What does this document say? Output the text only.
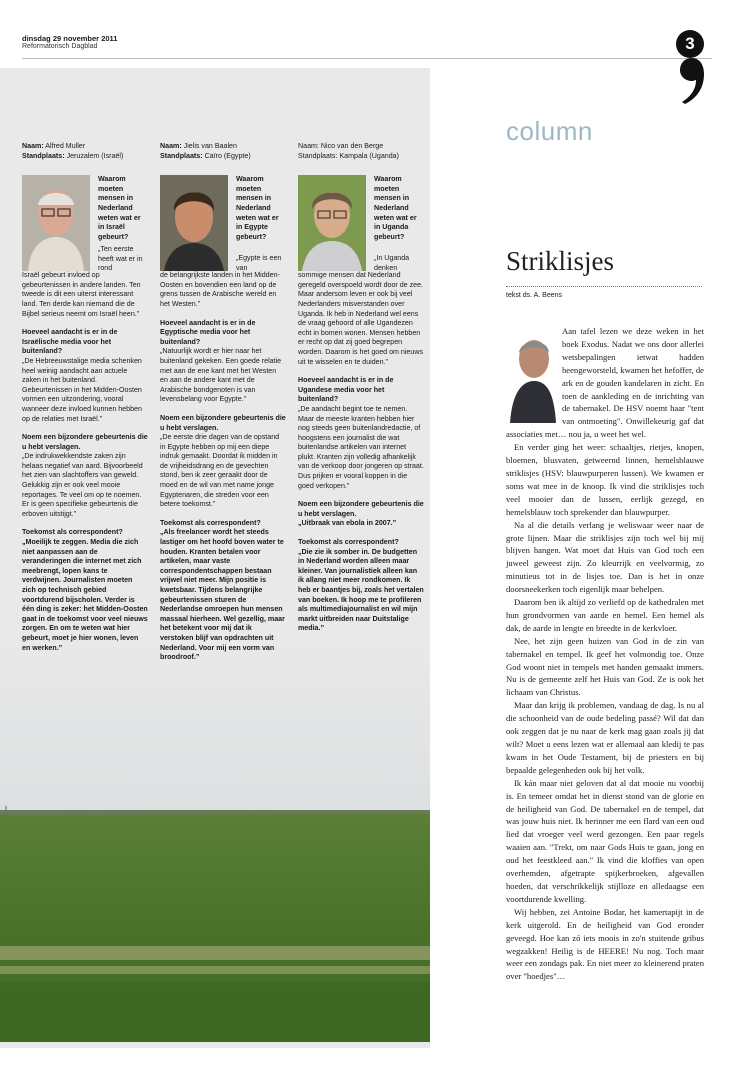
dinsdag 29 november 2011
Reformatorisch Dagblad	3
Naam: Alfred Muller
Standplaats: Jeruzalem (Israël)
Waarom moeten mensen in Nederland weten wat er in Israël gebeurt?
„Ten eerste heeft wat er in rond

Israël gebeurt invloed op gebeurtenissen in andere landen. Ten tweede is dit een uiterst interessant land. Ten derde kan niemand die de Bijbel serieus neemt om Israël heen.”

Hoeveel aandacht is er in de Israëlische media voor het buitenland?

„De Hebreeuwstalige media schenken heel weinig aandacht aan actuele zaken in het buitenland. Gebeurtenissen in het Midden-Oosten vormen een uitzondering, vooral wanneer deze invloed kunnen hebben op de relaties met Israël.”

Noem een bijzondere gebeurtenis die u hebt verslagen.

„De indrukwekkendste zaken zijn helaas negatief van aard. Bijvoorbeeld het zien van slachtoffers van geweld. Gelukkig zijn er ook veel mooie reportages. Te veel om op te noemen. Er is geen specifieke gebeurtenis die erboven uitstijgt.”

Toekomst als correspondent?

„Moeilijk te zeggen. Media die zich niet aanpassen aan de veranderingen die internet met zich meebrengt, lopen kans te verdwijnen. Journalisten moeten zich op technisch gebied voortdurend bijscholen. Verder is één ding is zeker: het Midden-Oosten gaat in de toekomst voor veel nieuws zorgen. En om te weten wat hier gebeurt, moet je hier wonen, leven en werken.”

Naam: Jielis van Baalen
Standplaats: Caïro (Egypte)
Waarom moeten mensen in Nederland weten wat er in Egypte gebeurt?
„Egypte is een van

de belangrijkste landen in het Midden-Oosten en bovendien een land op de grens tussen de Arabische wereld en het Westen.”

Hoeveel aandacht is er in de Egyptische media voor het buitenland?

„Natuurlijk wordt er hier naar het buitenland gekeken. Een goede relatie met aan de ene kant met het Westen en aan de andere kant met de Arabische bondgenoten is van levensbelang voor Egypte.”

Noem een bijzondere gebeurtenis die u hebt verslagen.

„De eerste drie dagen van de opstand in Egypte hebben op mij een diepe indruk gemaakt. Doordat ik midden in de vrijheidsdrang en de gevechten stond, ben ik zeer geraakt door de moed en de wil van met name jonge Egyptenaren, die streden voor een betere toekomst.”

Toekomst als correspondent?

„Als freelancer wordt het steeds lastiger om het hoofd boven water te houden. Kranten betalen voor artikelen, maar vaste correspondentschappen bestaan vrijwel niet meer. Mijn positie is kwetsbaar. Tijdens belangrijke gebeurtenissen sturen de Nederlandse omroepen hun mensen massaal hierheen. Wel gezellig, maar het betekent voor mij dat ik verstoken blijf van opdrachten uit Nederland. Voor mij een vorm van broodroof.”

Naam: Nico van den Berge
Standplaats: Kampala (Uganda)
Waarom moeten mensen in Nederland weten wat er in Uganda gebeurt?
„In Uganda denken

sommige mensen dat Nederland geregeld overspoeld wordt door de zee. Maar andersom leven er ook bij veel Nederlanders misverstanden over Uganda. Ik heb in Nederland wel eens de vraag gehoord of alle Ugandezen echt in bomen wonen. Mensen hebben er recht op dat zij goed begrepen worden. Daarom is het goed om nieuws uit te wisselen en te duiden.”

Hoeveel aandacht is er in de Ugandese media voor het buitenland?

„De aandacht begint toe te nemen. Maar de meeste kranten hebben hier nog steeds geen buitenlandredactie, of hoogstens een journalist die wat buitenlandse artikelen van internet plukt. Kranten zijn volledig afhankelijk van de verkoop door jongeren op straat. Dus prijken er vooral koppen in die goed verkopen.”

Noem een bijzondere gebeurtenis die u hebt verslagen.

„Uitbraak van ebola in 2007.”

Toekomst als correspondent?

„Die zie ik somber in. De budgetten in Nederland worden alleen maar kleiner. Van journalistiek alleen kan ik allang niet meer rondkomen. Ik heb er baantjes bij, zoals het vertalen van boeken. Ik hoop me te profileren als multimediajournalist en wil mijn markt uitbreiden naar Duitstalige media.”

column
Striklisjes
tekst ds. A. Beens

Aan tafel lezen we deze weken in het boek Exodus. Nadat we ons door allerlei wetsbepalingen ietwat hadden heengeworsteld, kwamen het hefoffer, de ark en de gouden kandelaren in zicht. En toen de aankleding en de inrichting van de tabernakel. De HSV noemt haar "tent van ontmoeting". Onwillekeurig gaf dat associaties met… nou ja, u weet het wel.

En verder ging het weer: schaaltjes, rietjes, knopen, bloemen, blusvaten, getweernd linnen, hemelsblauwe striklisjes (HSV: blauwpurperen lussen). We kwamen er soms wat mee in de knoop. Ik vind die striklisjes toch veel mooier dan de lussen, eerlijk gezegd, en hemelsblauw toch sprekender dan blauwpurper.

Na al die details verlang je weliswaar weer naar de grote lijnen. Maar die striklisjes zijn toch wel bij mij blijven hangen. Wat moet dat Huis van God toch een juweel geweest zijn. Zo kleurrijk en veelvormig, zo minutieus tot in de lisjes toe. Dan is het in onze doorsneekerken toch eigenlijk maar behelpen.

Daarom ben ik altijd zo verliefd op de kathedralen met hun grondvormen van aarde en hemel. Een hemel als dak, de aarde in lengte en breedte in de kerkvloer.

Nee, het zijn geen huizen van God in de zin van tabernakel en tempel. Ik geef het volmondig toe. Onze God woont niet in tempels met handen gemaakt immers. Nu is de gemeente zelf het Huis van God. Ze is ook het lichaam van Christus.

Maar dan krijg ik problemen, vandaag de dag. Is nu al die schoonheid van de oude bedeling passé? Wil dat dan ook zeggen dat je nu naar de kerk mag gaan zoals jij dat wilt? Moet u eens lezen wat er allemaal aan kledij te pas kwam in het Oude Testament, bij de priesters en bij bepaalde gelegenheden ook bij het volk.

Ik kán maar niet geloven dat al dat mooie nu voorbij is. En temeer omdat het in dienst stond van de glorie en de heiligheid van God. De tabernakel en de tempel, dat was jouw huis niet. Ik herinner me een flard van een oud lied dat vroeger veel werd gezongen. Een paar regels waaien aan. "Trekt, om naar Gods Huis te gaan, jong en oud het feestkleed aan." Ik vind die kloffies van open overhemden, afgetrapte spijkerbroeken, afgevallen hoeden, dat verschrikkelijk stijlloze en alledaagse een voortdurende kwelling.

Wij hebben, zei Antoine Bodar, het kamertapijt in de kerk uitgerold. En de heiligheid van God eronder geveegd. Hoe kan zó iets moois in zo'n stuitende gribus wegzakken! Heilig is de HEERE! Nu nog. Toch maar weer een zondags pak. En niet meer zo kleinerend praten over "hoedjes"…
